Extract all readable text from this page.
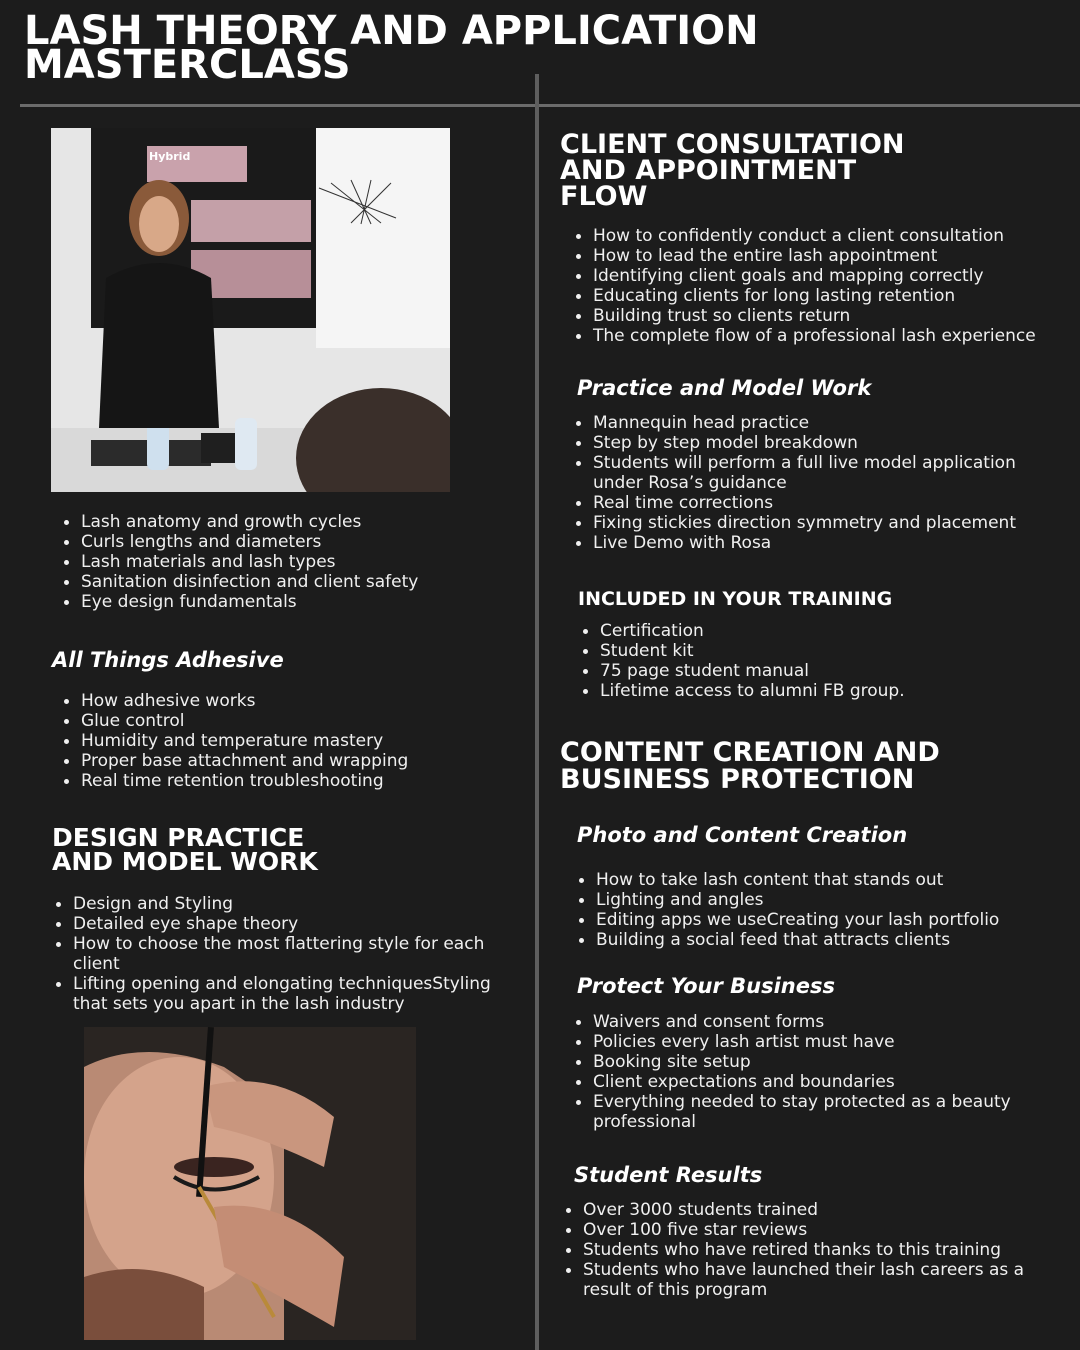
LASH THEORY AND APPLICATION
MASTERCLASS
Hybrid
Lash anatomy and growth cycles
Curls lengths and diameters
Lash materials and lash types
Sanitation disinfection and client safety
Eye design fundamentals
All Things Adhesive
How adhesive works
Glue control
Humidity and temperature mastery
Proper base attachment and wrapping
Real time retention troubleshooting
DESIGN PRACTICE
AND MODEL WORK
Design and Styling
Detailed eye shape theory
How to choose the most flattering style for each client
Lifting opening and elongating techniquesStyling that sets you apart in the lash industry
CLIENT CONSULTATION
AND APPOINTMENT
FLOW
How to confidently conduct a client consultation
How to lead the entire lash appointment
Identifying client goals and mapping correctly
Educating clients for long lasting retention
Building trust so clients return
The complete flow of a professional lash experience
Practice and Model Work
Mannequin head practice
Step by step model breakdown
Students will perform a full live model application under Rosa’s guidance
Real time corrections
Fixing stickies direction symmetry and placement
Live Demo with Rosa
INCLUDED IN YOUR TRAINING
Certification
Student kit
75 page student manual
Lifetime access to alumni FB group.
CONTENT CREATION AND
BUSINESS PROTECTION
Photo and Content Creation
How to take lash content that stands out
Lighting and angles
Editing apps we useCreating your lash portfolio
Building a social feed that attracts clients
Protect Your Business
Waivers and consent forms
Policies every lash artist must have
Booking site setup
Client expectations and boundaries
Everything needed to stay protected as a beauty professional
Student Results
Over 3000 students trained
Over 100 five star reviews
Students who have retired thanks to this training
Students who have launched their lash careers as a result of this program
